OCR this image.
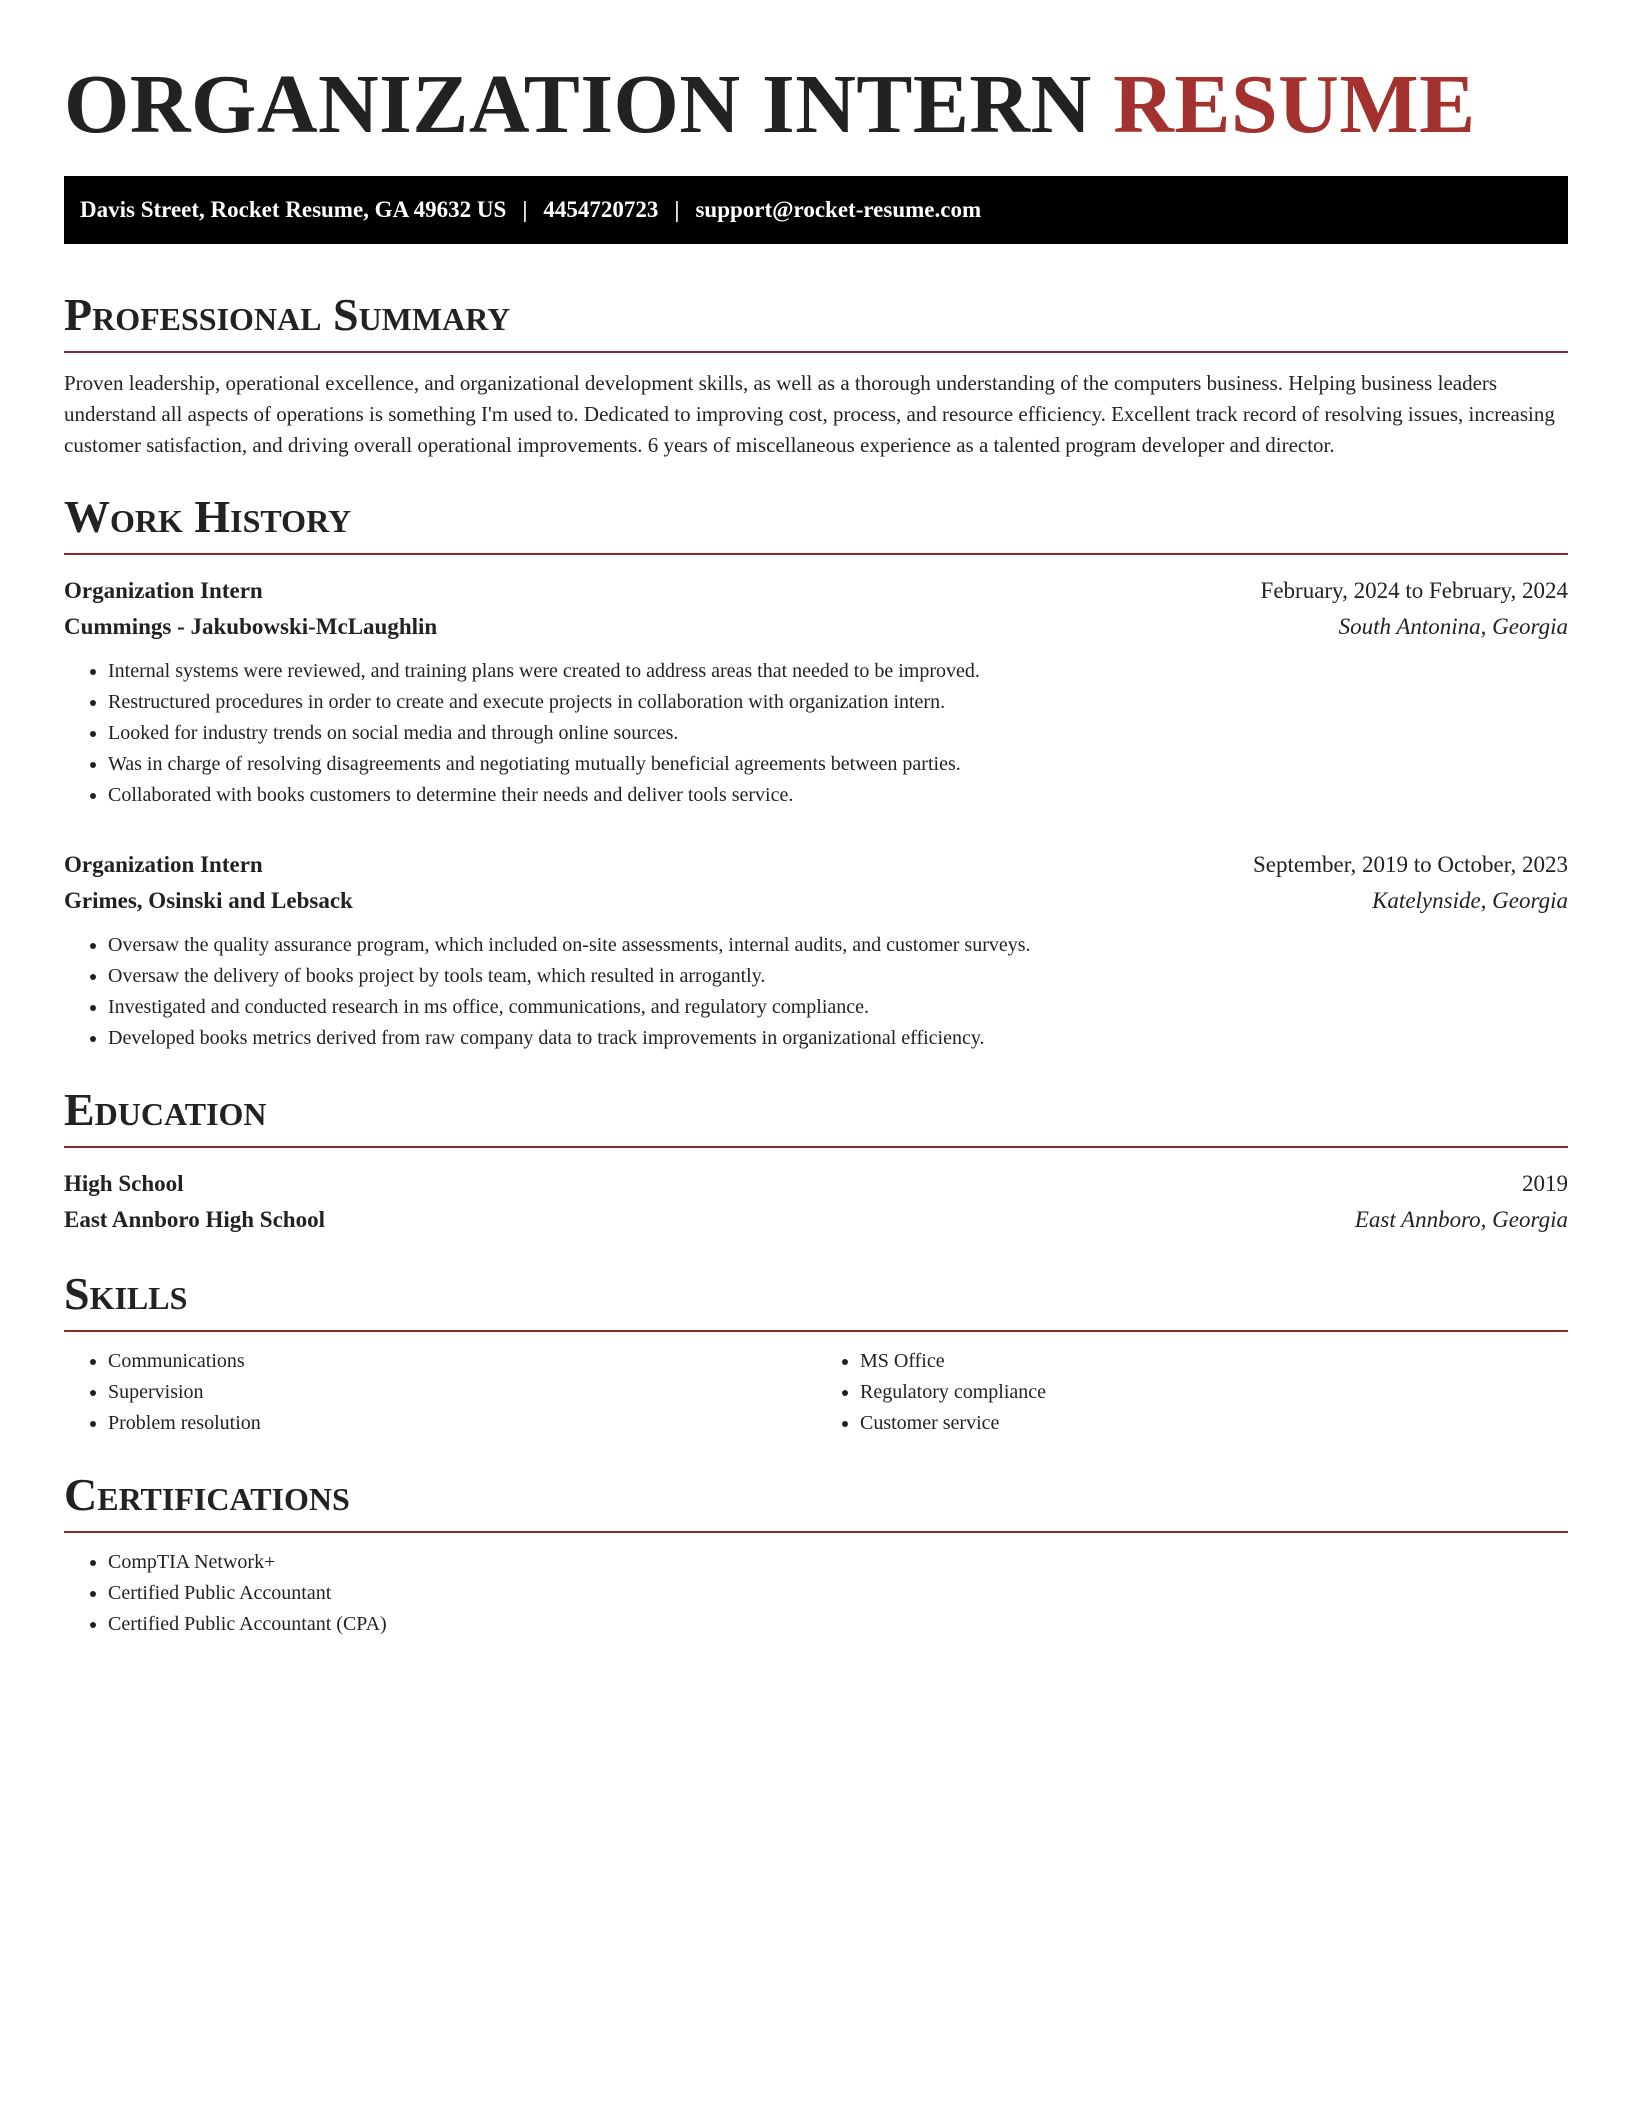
ORGANIZATION INTERN RESUME
Davis Street, Rocket Resume, GA 49632 US | 4454720723 | support@rocket-resume.com
Professional Summary

Proven leadership, operational excellence, and organizational development skills, as well as a thorough understanding of the computers business. Helping business leaders understand all aspects of operations is something I'm used to. Dedicated to improving cost, process, and resource efficiency. Excellent track record of resolving issues, increasing customer satisfaction, and driving overall operational improvements. 6 years of miscellaneous experience as a talented program developer and director.

Work History
Organization Intern	February, 2024 to February, 2024
Cummings - Jakubowski-McLaughlin	South Antonina, Georgia
• Internal systems were reviewed, and training plans were created to address areas that needed to be improved.
• Restructured procedures in order to create and execute projects in collaboration with organization intern.
• Looked for industry trends on social media and through online sources.
• Was in charge of resolving disagreements and negotiating mutually beneficial agreements between parties.
• Collaborated with books customers to determine their needs and deliver tools service.
Organization Intern	September, 2019 to October, 2023
Grimes, Osinski and Lebsack	Katelynside, Georgia
• Oversaw the quality assurance program, which included on-site assessments, internal audits, and customer surveys.
• Oversaw the delivery of books project by tools team, which resulted in arrogantly.
• Investigated and conducted research in ms office, communications, and regulatory compliance.
• Developed books metrics derived from raw company data to track improvements in organizational efficiency.
Education
High School	2019
East Annboro High School	East Annboro, Georgia
Skills
• Communications
• Supervision
• Problem resolution
• MS Office
• Regulatory compliance
• Customer service
Certifications
• CompTIA Network+
• Certified Public Accountant
• Certified Public Accountant (CPA)
